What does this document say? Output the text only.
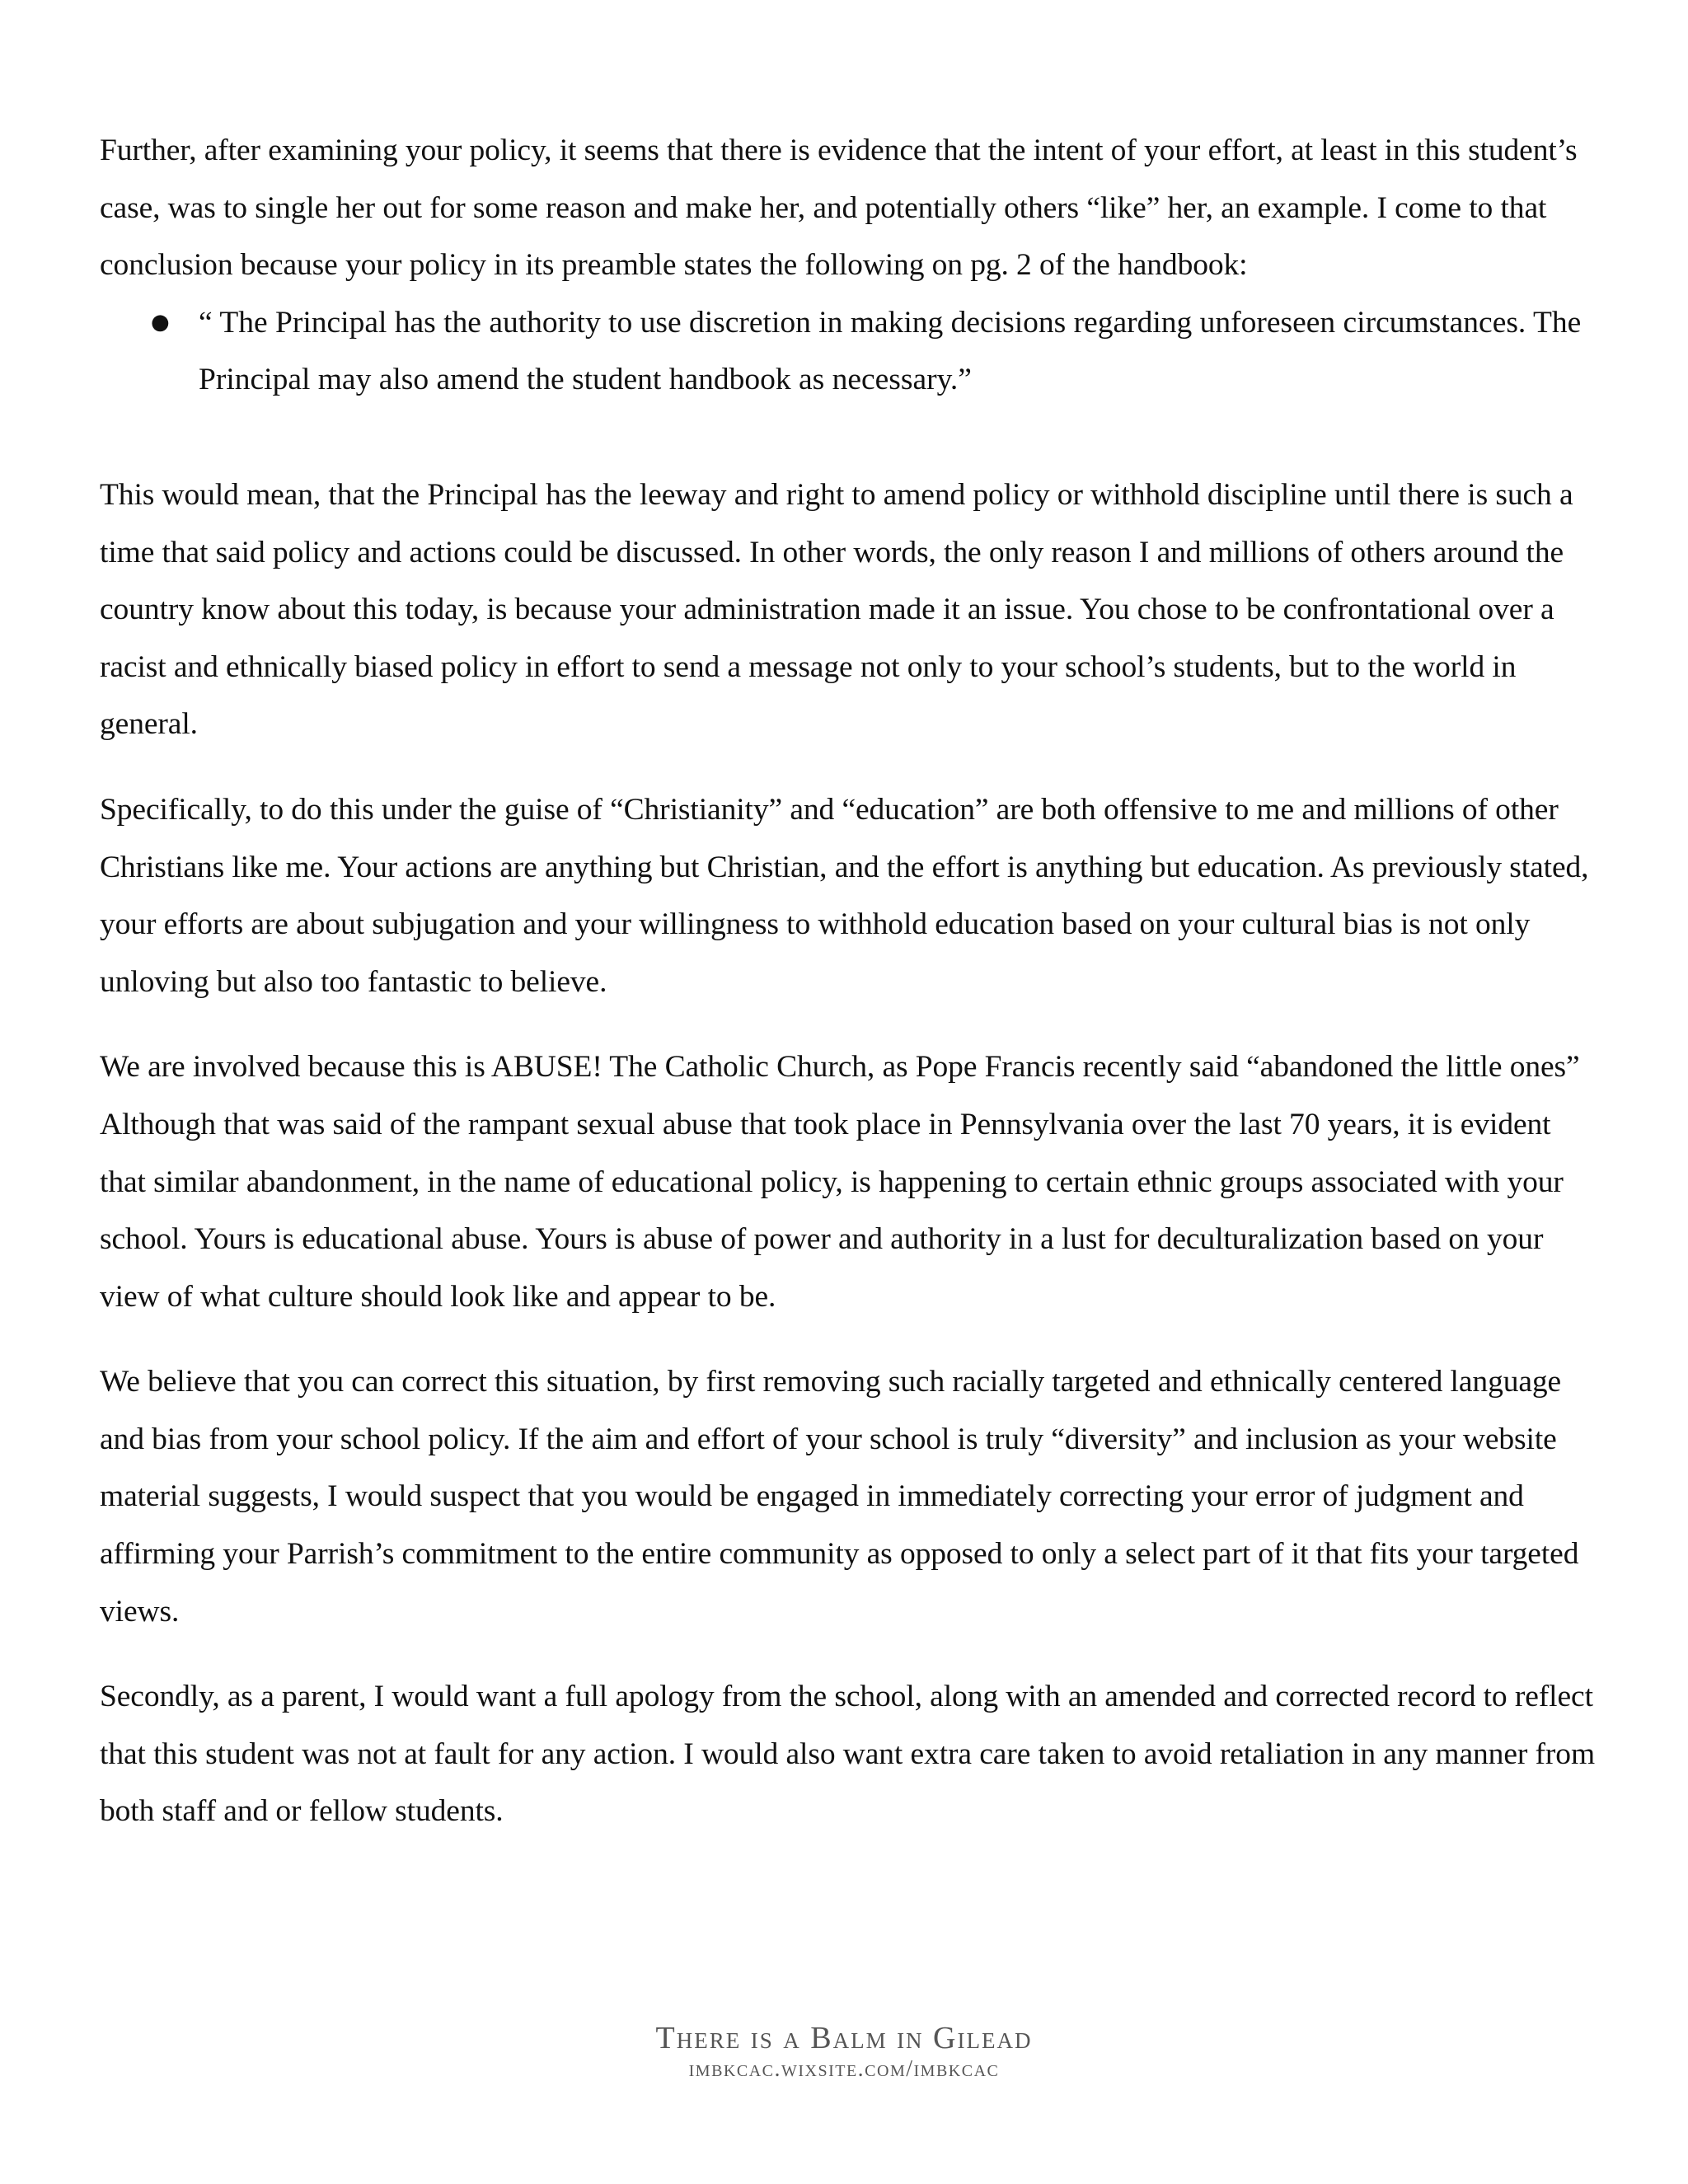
Further, after examining your policy, it seems that there is evidence that the intent of your effort, at least in this student’s case, was to single her out for some reason and make her, and potentially others “like” her, an example. I come to that conclusion because your policy in its preamble states the following on pg. 2 of the handbook:

● “ The Principal has the authority to use discretion in making decisions regarding unforeseen circumstances. The Principal may also amend the student handbook as necessary.”

This would mean, that the Principal has the leeway and right to amend policy or withhold discipline until there is such a time that said policy and actions could be discussed. In other words, the only reason I and millions of others around the country know about this today, is because your administration made it an issue. You chose to be confrontational over a racist and ethnically biased policy in effort to send a message not only to your school’s students, but to the world in general.

Specifically, to do this under the guise of “Christianity” and “education” are both offensive to me and millions of other Christians like me. Your actions are anything but Christian, and the effort is anything but education. As previously stated, your efforts are about subjugation and your willingness to withhold education based on your cultural bias is not only unloving but also too fantastic to believe.

We are involved because this is ABUSE! The Catholic Church, as Pope Francis recently said “abandoned the little ones” Although that was said of the rampant sexual abuse that took place in Pennsylvania over the last 70 years, it is evident that similar abandonment, in the name of educational policy, is happening to certain ethnic groups associated with your school. Yours is educational abuse. Yours is abuse of power and authority in a lust for deculturalization based on your view of what culture should look like and appear to be.

We believe that you can correct this situation, by first removing such racially targeted and ethnically centered language and bias from your school policy. If the aim and effort of your school is truly “diversity” and inclusion as your website material suggests, I would suspect that you would be engaged in immediately correcting your error of judgment and affirming your Parrish’s commitment to the entire community as opposed to only a select part of it that fits your targeted views.

Secondly, as a parent, I would want a full apology from the school, along with an amended and corrected record to reflect that this student was not at fault for any action. I would also want extra care taken to avoid retaliation in any manner from both staff and or fellow students.

There is a Balm in Gilead
imbkcac.wixsite.com/imbkcac
